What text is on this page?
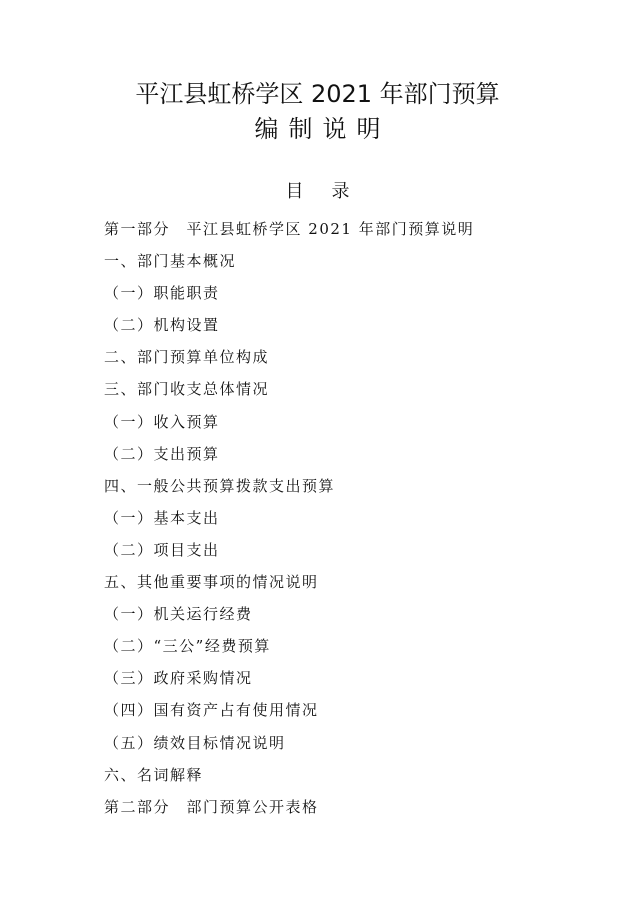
平江县虹桥学区 2021 年部门预算
编制说明
目录
第一部分　平江县虹桥学区 2021 年部门预算说明
一、部门基本概况
（一）职能职责
（二）机构设置
二、部门预算单位构成
三、部门收支总体情况
（一）收入预算
（二）支出预算
四、一般公共预算拨款支出预算
（一）基本支出
（二）项目支出
五、其他重要事项的情况说明
（一）机关运行经费
（二）“三公”经费预算
（三）政府采购情况
（四）国有资产占有使用情况
（五）绩效目标情况说明
六、名词解释
第二部分　部门预算公开表格
